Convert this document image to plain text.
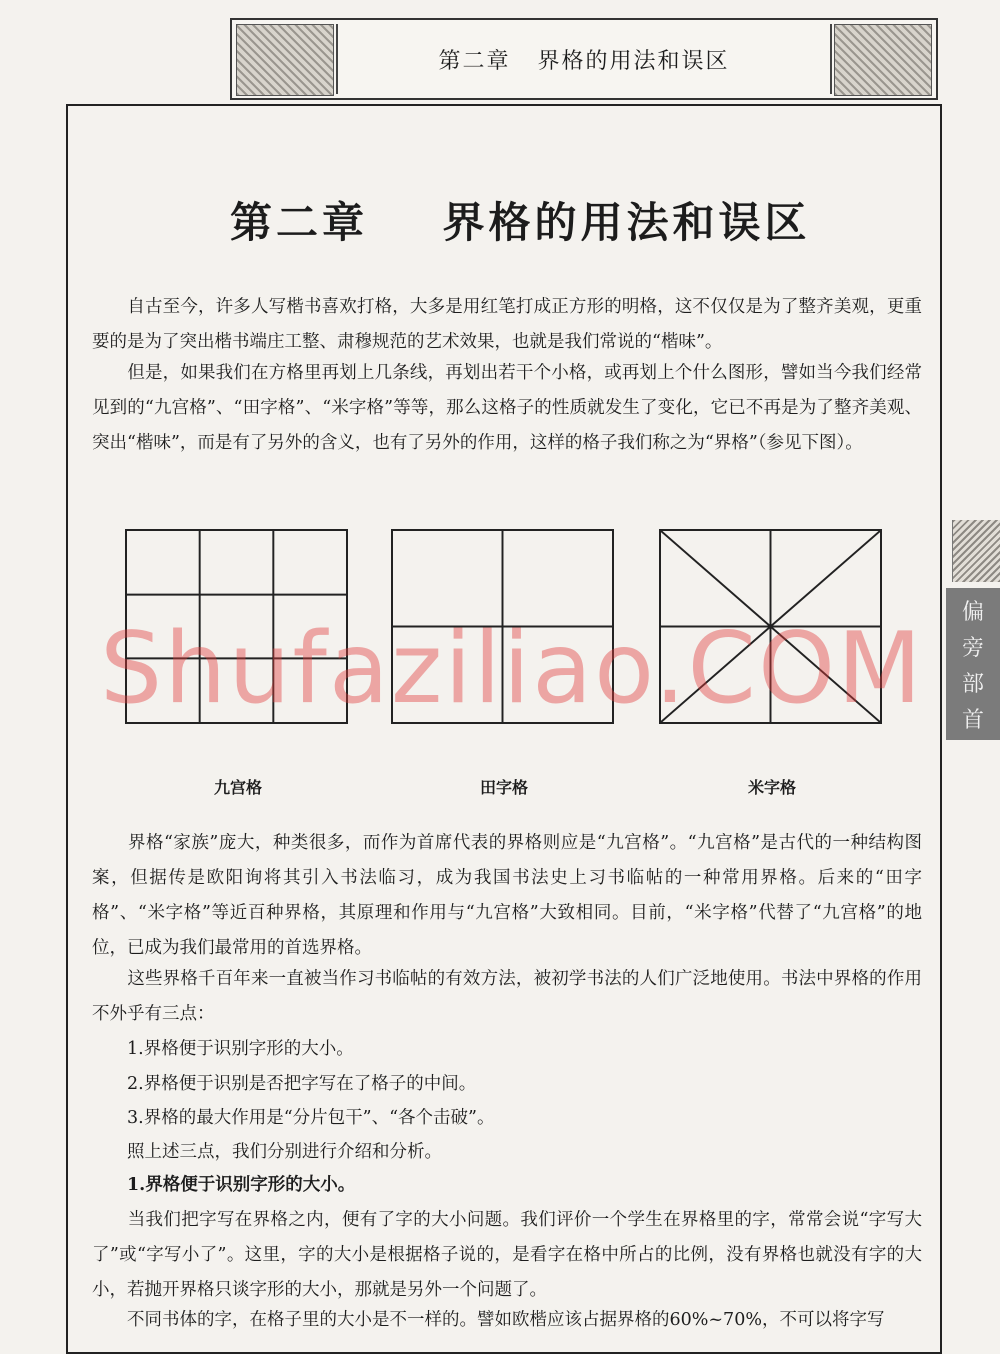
第二章   界格的用法和误区
第二章    界格的用法和误区

　　自古至今，许多人写楷书喜欢打格，大多是用红笔打成正方形的明格，这不仅仅是为了整齐美观，更重要的是为了突出楷书端庄工整、肃穆规范的艺术效果，也就是我们常说的“楷味”。

　　但是，如果我们在方格里再划上几条线，再划出若干个小格，或再划上个什么图形，譬如当今我们经常见到的“九宫格”、“田字格”、“米字格”等等，那么这格子的性质就发生了变化，它已不再是为了整齐美观、突出“楷味”，而是有了另外的含义，也有了另外的作用，这样的格子我们称之为“界格”（参见下图）。

九宫格	田字格	米字格
Shufaziliao.COM

　　界格“家族”庞大，种类很多，而作为首席代表的界格则应是“九宫格”。“九宫格”是古代的一种结构图案，但据传是欧阳询将其引入书法临习，成为我国书法史上习书临帖的一种常用界格。后来的“田字格”、“米字格”等近百种界格，其原理和作用与“九宫格”大致相同。目前，“米字格”代替了“九宫格”的地位，已成为我们最常用的首选界格。

　　这些界格千百年来一直被当作习书临帖的有效方法，被初学书法的人们广泛地使用。书法中界格的作用不外乎有三点：

　　1.界格便于识别字形的大小。

　　2.界格便于识别是否把字写在了格子的中间。

　　3.界格的最大作用是“分片包干”、“各个击破”。

　　照上述三点，我们分别进行介绍和分析。

　　1.界格便于识别字形的大小。

　　当我们把字写在界格之内，便有了字的大小问题。我们评价一个学生在界格里的字，常常会说“字写大了”或“字写小了”。这里，字的大小是根据格子说的，是看字在格中所占的比例，没有界格也就没有字的大小，若抛开界格只谈字形的大小，那就是另外一个问题了。

　　不同书体的字，在格子里的大小是不一样的。譬如欧楷应该占据界格的60%~70%，不可以将字写

偏
旁
部
首
